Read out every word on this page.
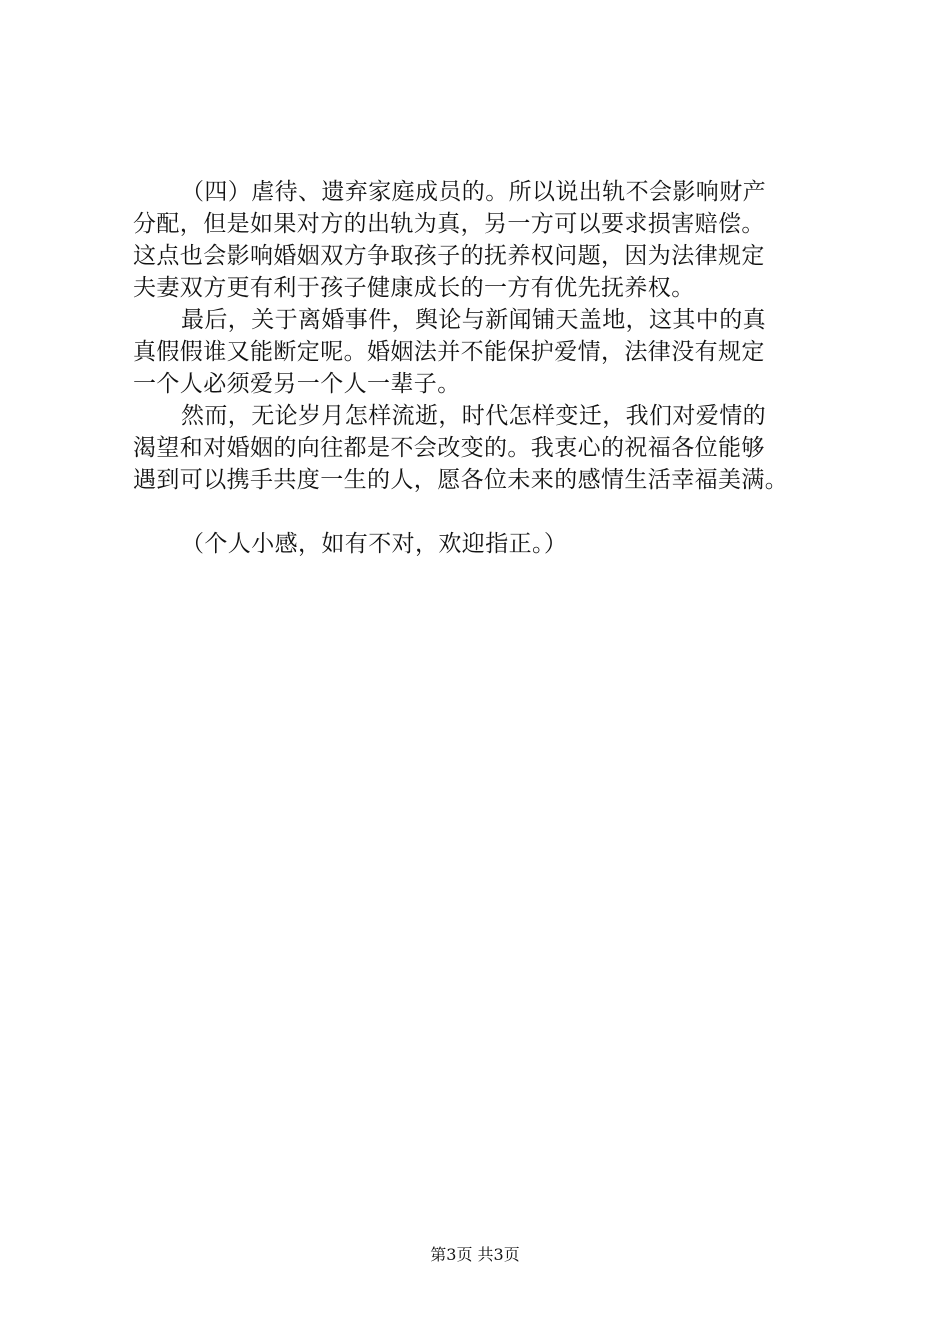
（四）虐待、遗弃家庭成员的。所以说出轨不会影响财产
分配，但是如果对方的出轨为真，另一方可以要求损害赔偿。
这点也会影响婚姻双方争取孩子的抚养权问题，因为法律规定
夫妻双方更有利于孩子健康成长的一方有优先抚养权。
最后，关于离婚事件，舆论与新闻铺天盖地，这其中的真
真假假谁又能断定呢。婚姻法并不能保护爱情，法律没有规定
一个人必须爱另一个人一辈子。
然而，无论岁月怎样流逝，时代怎样变迁，我们对爱情的
渴望和对婚姻的向往都是不会改变的。我衷心的祝福各位能够
遇到可以携手共度一生的人，愿各位未来的感情生活幸福美满。
（个人小感，如有不对，欢迎指正。）
第3页 共3页
